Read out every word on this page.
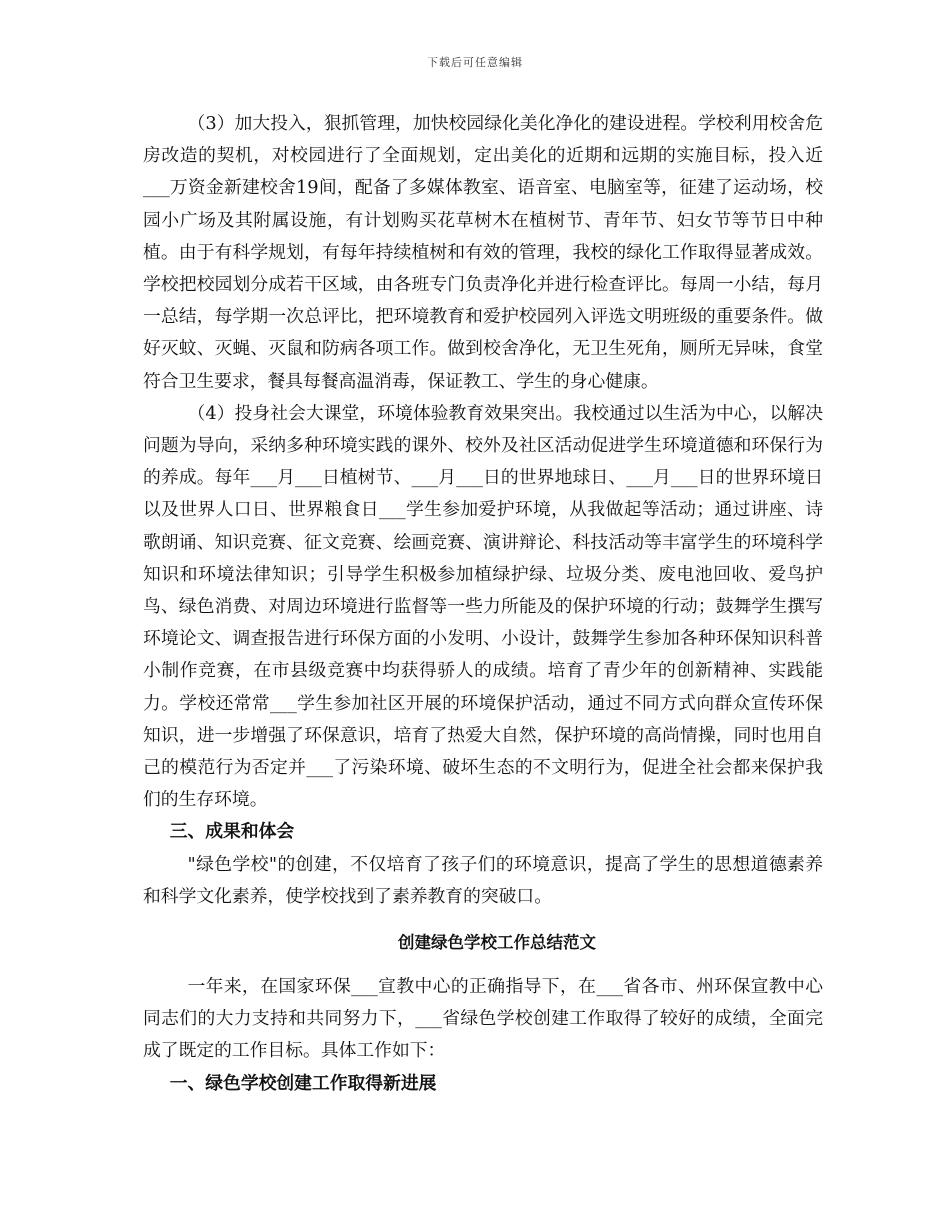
下载后可任意编辑

（3）加大投入，狠抓管理，加快校园绿化美化净化的建设进程。学校利用校舍危房改造的契机，对校园进行了全面规划，定出美化的近期和远期的实施目标，投入近___万资金新建校舍19间，配备了多媒体教室、语音室、电脑室等，征建了运动场，校园小广场及其附属设施，有计划购买花草树木在植树节、青年节、妇女节等节日中种植。由于有科学规划，有每年持续植树和有效的管理，我校的绿化工作取得显著成效。学校把校园划分成若干区域，由各班专门负责净化并进行检查评比。每周一小结，每月一总结，每学期一次总评比，把环境教育和爱护校园列入评选文明班级的重要条件。做好灭蚊、灭蝇、灭鼠和防病各项工作。做到校舍净化，无卫生死角，厕所无异味，食堂符合卫生要求，餐具每餐高温消毒，保证教工、学生的身心健康。

（4）投身社会大课堂，环境体验教育效果突出。我校通过以生活为中心，以解决问题为导向，采纳多种环境实践的课外、校外及社区活动促进学生环境道德和环保行为的养成。每年___月___日植树节、___月___日的世界地球日、___月___日的世界环境日以及世界人口日、世界粮食日___学生参加爱护环境，从我做起等活动；通过讲座、诗歌朗诵、知识竞赛、征文竞赛、绘画竞赛、演讲辩论、科技活动等丰富学生的环境科学知识和环境法律知识；引导学生积极参加植绿护绿、垃圾分类、废电池回收、爱鸟护鸟、绿色消费、对周边环境进行监督等一些力所能及的保护环境的行动；鼓舞学生撰写环境论文、调查报告进行环保方面的小发明、小设计，鼓舞学生参加各种环保知识科普小制作竞赛，在市县级竞赛中均获得骄人的成绩。培育了青少年的创新精神、实践能力。学校还常常___学生参加社区开展的环境保护活动，通过不同方式向群众宣传环保知识，进一步增强了环保意识，培育了热爱大自然，保护环境的高尚情操，同时也用自己的模范行为否定并___了污染环境、破坏生态的不文明行为，促进全社会都来保护我们的生存环境。

三、成果和体会

"绿色学校"的创建，不仅培育了孩子们的环境意识，提高了学生的思想道德素养和科学文化素养，使学校找到了素养教育的突破口。

创建绿色学校工作总结范文

一年来，在国家环保___宣教中心的正确指导下，在___省各市、州环保宣教中心同志们的大力支持和共同努力下，___省绿色学校创建工作取得了较好的成绩，全面完成了既定的工作目标。具体工作如下：

一、绿色学校创建工作取得新进展
